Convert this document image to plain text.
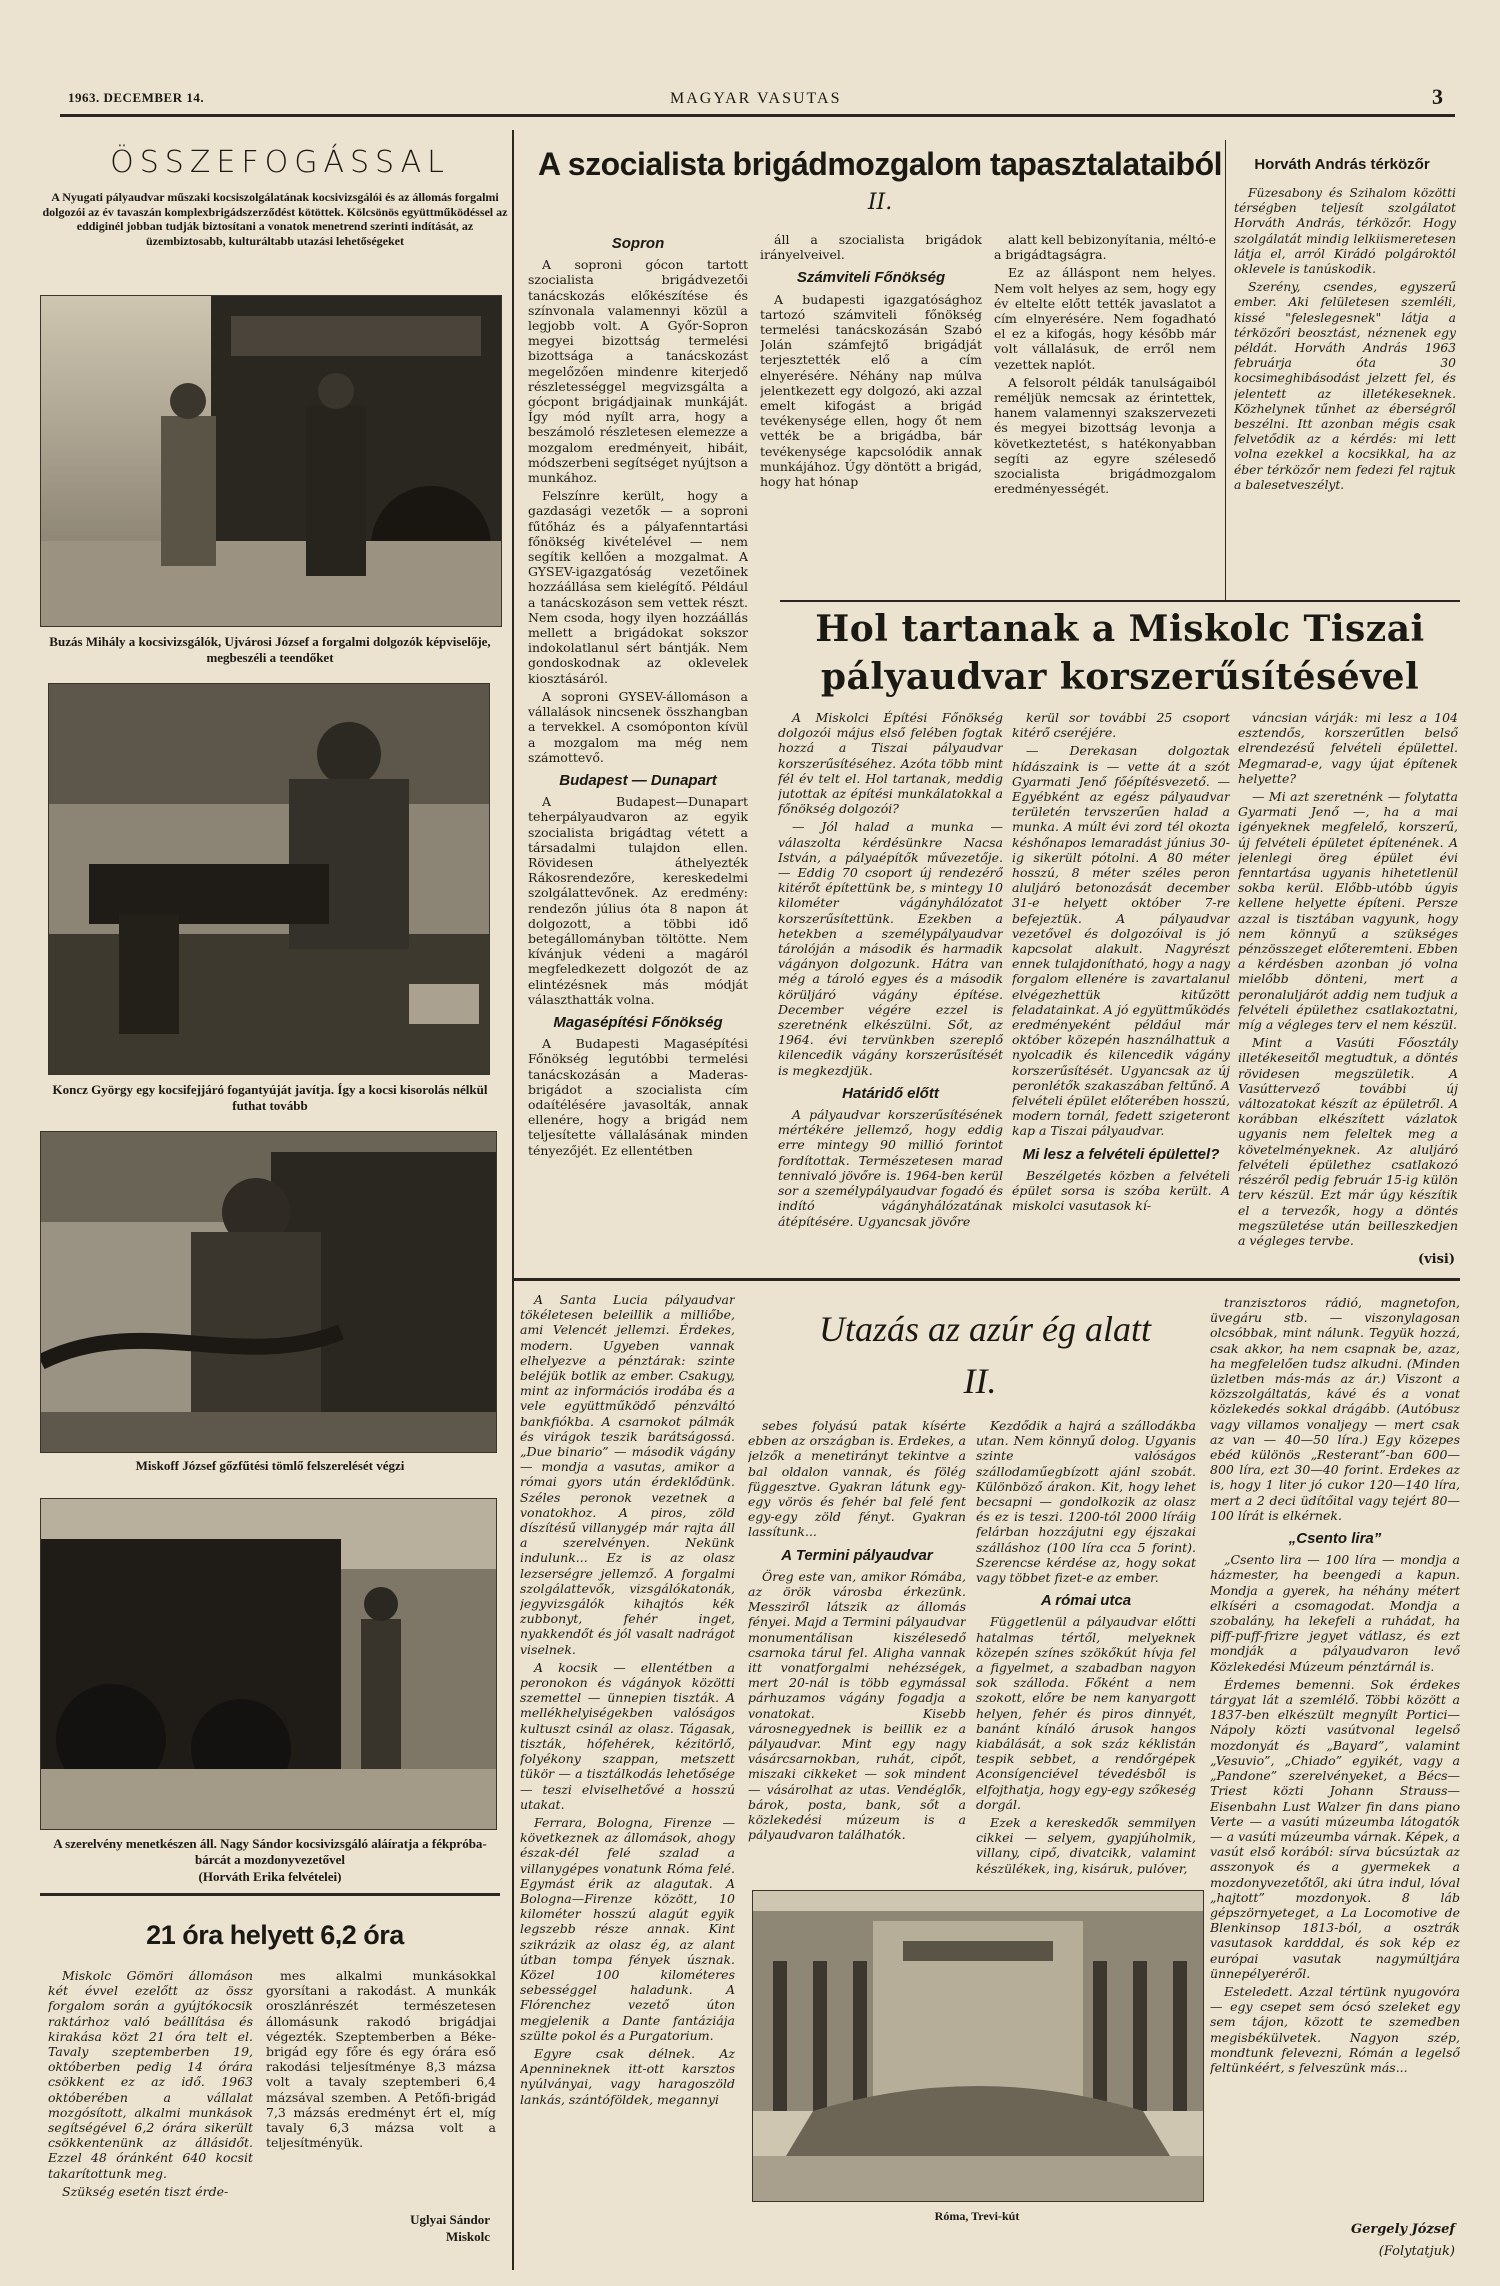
1963. DECEMBER 14.	MAGYAR VASUTAS	3
ÖSSZEFOGÁSSAL
A Nyugati pályaudvar műszaki kocsiszolgálatának kocsivizsgálói és az állomás forgalmi dolgozói az év tavaszán komplexbrigádszerződést kötöttek. Kölcsönös együttműködéssel az eddiginél jobban tudják biztosítani a vonatok menetrend szerinti indítását, az üzembiztosabb, kulturáltabb utazási lehetőségeket
Buzás Mihály a kocsivizsgálók, Ujvárosi József a forgalmi dolgozók képviselője, megbeszéli a teendőket
Koncz György egy kocsifejjáró fogantyúját javítja. Így a kocsi kisorolás nélkül futhat tovább
Miskoff József gőzfűtési tömlő felszerelését végzi
A szerelvény menetkészen áll. Nagy Sándor kocsivizsgáló aláíratja a fékpróba-bárcát a mozdonyvezetővel
(Horváth Erika felvételei)
21 óra helyett 6,2 óra

Miskolc Gömöri állomáson két évvel ezelőtt az össz forgalom során a gyújtókocsik raktárhoz való beállítása és kirakása közt 21 óra telt el. Tavaly szeptemberben 19, októberben pedig 14 órára csökkent ez az idő. 1963 októberében a vállalat mozgósított, alkalmi munkások segítségével 6,2 órára sikerült csökkentenünk az állásidőt. Ezzel 48 óránként 640 kocsit takarítottunk meg.

Szükség esetén tiszt érde-

mes alkalmi munkásokkal gyorsítani a rakodást. A munkák oroszlánrészét természetesen állomásunk rakodó brigádjai végezték. Szeptemberben a Béke-brigád egy főre és egy órára eső rakodási teljesítménye 8,3 mázsa volt a tavaly szeptemberi 6,4 mázsával szemben. A Petőfi-brigád 7,3 mázsás eredményt ért el, míg tavaly 6,3 mázsa volt a teljesítményük.

Uglyai Sándor
Miskolc
A szocialista brigádmozgalom tapasztalataiból
II.
Sopron

A soproni gócon tartott szocialista brigádvezetői tanácskozás előkészítése és színvonala valamennyi közül a legjobb volt. A Győr-Sopron megyei bizottság termelési bizottsága a tanácskozást megelőzően mindenre kiterjedő részletességgel megvizsgálta a gócpont brigádjainak munkáját. Így mód nyílt arra, hogy a beszámoló részletesen elemezze a mozgalom eredményeit, hibáit, módszerbeni segítséget nyújtson a munkához.

Felszínre került, hogy a gazdasági vezetők — a soproni fűtőház és a pályafenntartási főnökség kivételével — nem segítik kellően a mozgalmat. A GYSEV-igazgatóság vezetőinek hozzáállása sem kielégítő. Például a tanácskozáson sem vettek részt. Nem csoda, hogy ilyen hozzáállás mellett a brigádokat sokszor indokolatlanul sért bántják. Nem gondoskodnak az oklevelek kiosztásáról.

A soproni GYSEV-állomáson a vállalások nincsenek összhangban a tervekkel. A csomóponton kívül a mozgalom ma még nem számottevő.

Budapest — Dunapart

A Budapest—Dunapart teherpályaudvaron az egyik szocialista brigádtag vétett a társadalmi tulajdon ellen. Rövidesen áthelyezték Rákosrendezőre, kereskedelmi szolgálattevőnek. Az eredmény: rendezőn július óta 8 napon át dolgozott, a többi idő betegállományban töltötte. Nem kívánjuk védeni a magáról megfeledkezett dolgozót de az elintézésnek más módját választhatták volna.

Magasépítési Főnökség

A Budapesti Magasépítési Főnökség legutóbbi termelési tanácskozásán a Maderas-brigádot a szocialista cím odaítélésére javasolták, annak ellenére, hogy a brigád nem teljesítette vállalásának minden tényezőjét. Ez ellentétben

áll a szocialista brigádok irányelveivel.

Számviteli Főnökség

A budapesti igazgatósághoz tartozó számviteli főnökség termelési tanácskozásán Szabó Jolán számfejtő brigádját terjesztették elő a cím elnyerésére. Néhány nap múlva jelentkezett egy dolgozó, aki azzal emelt kifogást a brigád tevékenysége ellen, hogy őt nem vették be a brigádba, bár tevékenysége kapcsolódik annak munkájához. Úgy döntött a brigád, hogy hat hónap

alatt kell bebizonyítania, méltó-e a brigádtagságra.

Ez az álláspont nem helyes. Nem volt helyes az sem, hogy egy év eltelte előtt tették javaslatot a cím elnyerésére. Nem fogadható el ez a kifogás, hogy később már volt vállalásuk, de erről nem vezettek naplót.

A felsorolt példák tanulságaiból reméljük nemcsak az érintettek, hanem valamennyi szakszervezeti és megyei bizottság levonja a következtetést, s hatékonyabban segíti az egyre szélesedő szocialista brigádmozgalom eredményességét.

Horváth András térközőr

Füzesabony és Szihalom közötti térségben teljesít szolgálatot Horváth András, térközőr. Hogy szolgálatát mindig lelkiismeretesen látja el, arról Kirádó polgároktól oklevele is tanúskodik.

Szerény, csendes, egyszerű ember. Aki felületesen szemléli, kissé "feleslegesnek" látja a térközőri beosztást, néznenek egy példát. Horváth András 1963 februárja óta 30 kocsimeghibásodást jelzett fel, és jelentett az illetékeseknek. Közhelynek tűnhet az éberségről beszélni. Itt azonban mégis csak felvetődik az a kérdés: mi lett volna ezekkel a kocsikkal, ha az éber térközőr nem fedezi fel rajtuk a balesetveszélyt.

Hol tartanak a Miskolc Tiszai
pályaudvar korszerűsítésével

A Miskolci Építési Főnökség dolgozói május első felében fogtak hozzá a Tiszai pályaudvar korszerűsítéséhez. Azóta több mint fél év telt el. Hol tartanak, meddig jutottak az építési munkálatokkal a főnökség dolgozói?

— Jól halad a munka — válaszolta kérdésünkre Nacsa István, a pályaépítők művezetője. — Eddig 70 csoport új rendezérő kitérőt építettünk be, s mintegy 10 kilométer vágányhálózatot korszerűsítettünk. Ezekben a hetekben a személypályaudvar tárolóján a második és harmadik vágányon dolgozunk. Hátra van még a tároló egyes és a második körüljáró vágány építése. December végére ezzel is szeretnénk elkészülni. Sőt, az 1964. évi tervünkben szereplő kilencedik vágány korszerűsítését is megkezdjük.

Határidő előtt

A pályaudvar korszerűsítésének mértékére jellemző, hogy eddig erre mintegy 90 millió forintot fordítottak. Természetesen marad tennivaló jövőre is. 1964-ben kerül sor a személypályaudvar fogadó és indító vágányhálózatának átépítésére. Ugyancsak jövőre

kerül sor további 25 csoport kitérő cseréjére.

— Derekasan dolgoztak hídászaink is — vette át a szót Gyarmati Jenő főépítésvezető. — Egyébként az egész pályaudvar területén tervszerűen halad a munka. A múlt évi zord tél okozta késhőnapos lemaradást június 30-ig sikerült pótolni. A 80 méter hosszú, 8 méter széles peron aluljáró betonozását december 31-e helyett október 7-re befejeztük. A pályaudvar vezetővel és dolgozóival is jó kapcsolat alakult. Nagyrészt ennek tulajdonítható, hogy a nagy forgalom ellenére is zavartalanul elvégezhettük kitűzött feladatainkat. A jó együttműködés eredményeként például már október közepén használhattuk a nyolcadik és kilencedik vágány korszerűsítését. Ugyancsak az új peronlétők szakaszában feltűnő. A felvételi épület előterében hosszú, modern tornál, fedett szigeteront kap a Tiszai pályaudvar.

Mi lesz a felvételi épülettel?

Beszélgetés közben a felvételi épület sorsa is szóba került. A miskolci vasutasok kí-

váncsian várják: mi lesz a 104 esztendős, korszerűtlen belső elrendezésű felvételi épülettel. Megmarad-e, vagy újat építenek helyette?

— Mi azt szeretnénk — folytatta Gyarmati Jenő —, ha a mai igényeknek megfelelő, korszerű, új felvételi épületet építenének. A jelenlegi öreg épület évi fenntartása ugyanis hihetetlenül sokba kerül. Előbb-utóbb úgyis kellene helyette építeni. Persze azzal is tisztában vagyunk, hogy nem könnyű a szükséges pénzösszeget előteremteni. Ebben a kérdésben azonban jó volna mielőbb dönteni, mert a peronaluljárót addig nem tudjuk a felvételi épülethez csatlakoztatni, míg a végleges terv el nem készül.

Mint a Vasúti Főosztály illetékeseitől megtudtuk, a döntés rövidesen megszületik. A Vasúttervező további új változatokat készít az épületről. A korábban elkészített vázlatok ugyanis nem feleltek meg a követelményeknek. Az aluljáró felvételi épülethez csatlakozó részéről pedig február 15-ig külön terv készül. Ezt már úgy készítik el a tervezők, hogy a döntés megszületése után beilleszkedjen a végleges tervbe.

(visi)
Utazás az azúr ég alatt
II.

A Santa Lucia pályaudvar tökéletesen beleillik a milliőbe, ami Velencét jellemzi. Érdekes, modern. Ugyeben vannak elhelyezve a pénztárak: szinte beléjük botlik az ember. Csakugy, mint az információs irodába és a vele együttműködő pénzváltó bankfiókba. A csarnokot pálmák és virágok teszik barátságossá. „Due binario” — második vágány — mondja a vasutas, amikor a római gyors után érdeklődünk. Széles peronok vezetnek a vonatokhoz. A piros, zöld díszítésű villanygép már rajta áll a szerelvényen. Nekünk indulunk... Ez is az olasz lezserségre jellemző. A forgalmi szolgálattevők, vizsgálókatonák, jegyvizsgálók kihajtós kék zubbonyt, fehér inget, nyakkendőt és jól vasalt nadrágot viselnek.

A kocsik — ellentétben a peronokon és vágányok közötti szemettel — ünnepien tiszták. A mellékhelyiségekben valóságos kultuszt csinál az olasz. Tágasak, tiszták, hófehérek, kézitörlő, folyékony szappan, metszett tükör — a tisztálkodás lehetősége — teszi elviselhetővé a hosszú utakat.

Ferrara, Bologna, Firenze — következnek az állomások, ahogy észak-dél felé szalad a villanygépes vonatunk Róma felé. Egymást érik az alagutak. A Bologna—Firenze között, 10 kilométer hosszú alagút egyik legszebb része annak. Kint szikrázik az olasz ég, az alant útban tompa fények úsznak. Közel 100 kilométeres sebességgel haladunk. A Flórenchez vezető úton megjelenik a Dante fantáziája szülte pokol és a Purgatorium.

Egyre csak délnek. Az Apennineknek itt-ott karsztos nyúlványai, vagy haragoszöld lankás, szántóföldek, megannyi

sebes folyású patak kísérte ebben az országban is. Erdekes, a jelzők a menetirányt tekintve a bal oldalon vannak, és fölég függesztve. Gyakran látunk egy-egy vörös és fehér bal felé fent egy-egy zöld fényt. Gyakran lassítunk...

A Termini pályaudvar

Öreg este van, amikor Rómába, az örök városba érkezünk. Messziről látszik az állomás fényei. Majd a Termini pályaudvar monumentálisan kiszélesedő csarnoka tárul fel. Aligha vannak itt vonatforgalmi nehézségek, mert 20-nál is több egymással párhuzamos vágány fogadja a vonatokat. Kisebb városnegyednek is beillik ez a pályaudvar. Mint egy nagy vásárcsarnokban, ruhát, cipőt, miszaki cikkeket — sok mindent — vásárolhat az utas. Vendéglők, bárok, posta, bank, sőt a közlekedési múzeum is a pályaudvaron találhatók.

Kezdődik a hajrá a szállodákba utan. Nem könnyű dolog. Ugyanis szinte valóságos szállodaműegbízott ajánl szobát. Különböző árakon. Kit, hogy lehet becsapni — gondolkozik az olasz és ez is teszi. 1200-tól 2000 líráig felárban hozzájutni egy éjszakai szálláshoz (100 líra cca 5 forint). Szerencse kérdése az, hogy sokat vagy többet fizet-e az ember.

A római utca

Függetlenül a pályaudvar előtti hatalmas tértől, melyeknek közepén színes szökőkút hívja fel a figyelmet, a szabadban nagyon sok szálloda. Főként a nem szokott, előre be nem kanyargott helyen, fehér és piros dinnyét, banánt kínáló árusok hangos kiabálását, a sok száz kéklistán tespik sebbet, a rendőrgépek Aconsígenciével tévedésből is elfojthatja, hogy egy-egy szőkeség dorgál.

Ezek a kereskedők semmilyen cikkei — selyem, gyapjúholmik, villany, cipő, divatcikk, valamint készülékek, ing, kisáruk, pulóver,

tranzisztoros rádió, magnetofon, üvegáru stb. — viszonylagosan olcsóbbak, mint nálunk. Tegyük hozzá, csak akkor, ha nem csapnak be, azaz, ha megfelelően tudsz alkudni. (Minden üzletben más-más az ár.) Viszont a közszolgáltatás, kávé és a vonat közlekedés sokkal drágább. (Autóbusz vagy villamos vonaljegy — mert csak az van — 40—50 líra.) Egy közepes ebéd különös „Resterant”-ban 600—800 líra, ezt 30—40 forint. Erdekes az is, hogy 1 liter jó cukor 120—140 líra, mert a 2 deci üdítőital vagy tejért 80—100 lírát is elkérnek.

„Csento lira”

„Csento lira — 100 líra — mondja a házmester, ha beengedi a kapun. Mondja a gyerek, ha néhány métert elkíséri a csomagodat. Mondja a szobalány, ha lekefeli a ruhádat, ha piff-puff-frizre jegyet vátlasz, és ezt mondják a pályaudvaron levő Közlekedési Múzeum pénztárnál is.

Érdemes bemenni. Sok érdekes tárgyat lát a szemlélő. Többi között a 1837-ben elkészült megnyílt Portici—Nápoly közti vasútvonal legelső mozdonyát és „Bayard”, valamint „Vesuvio”, „Chiado” egyikét, vagy a „Pandone” szerelvényeket, a Bécs—Triest közti Johann Strauss—Eisenbahn Lust Walzer fin dans piano Verte — a vasúti múzeumba látogatók — a vasúti múzeumba várnak. Képek, a vasút első korából: sírva búcsúztak az asszonyok és a gyermekek a mozdonyvezetőtől, aki útra indul, lóval „hajtott” mozdonyok. 8 láb gépszörnyeteget, a La Locomotive de Blenkinsop 1813-ból, a osztrák vasutasok kardddal, és sok kép ez európai vasutak nagymúltjára ünnepélyeréről.

Esteledett. Azzal tértünk nyugovóra — egy csepet sem ócsó szeleket egy sem tájon, közott te szemedben megisbékülvetek. Nagyon szép, mondtunk felevezni, Rómán a legelső feltünkéért, s felveszünk más...

Gergely József
(Folytatjuk)
Róma, Trevi-kút
